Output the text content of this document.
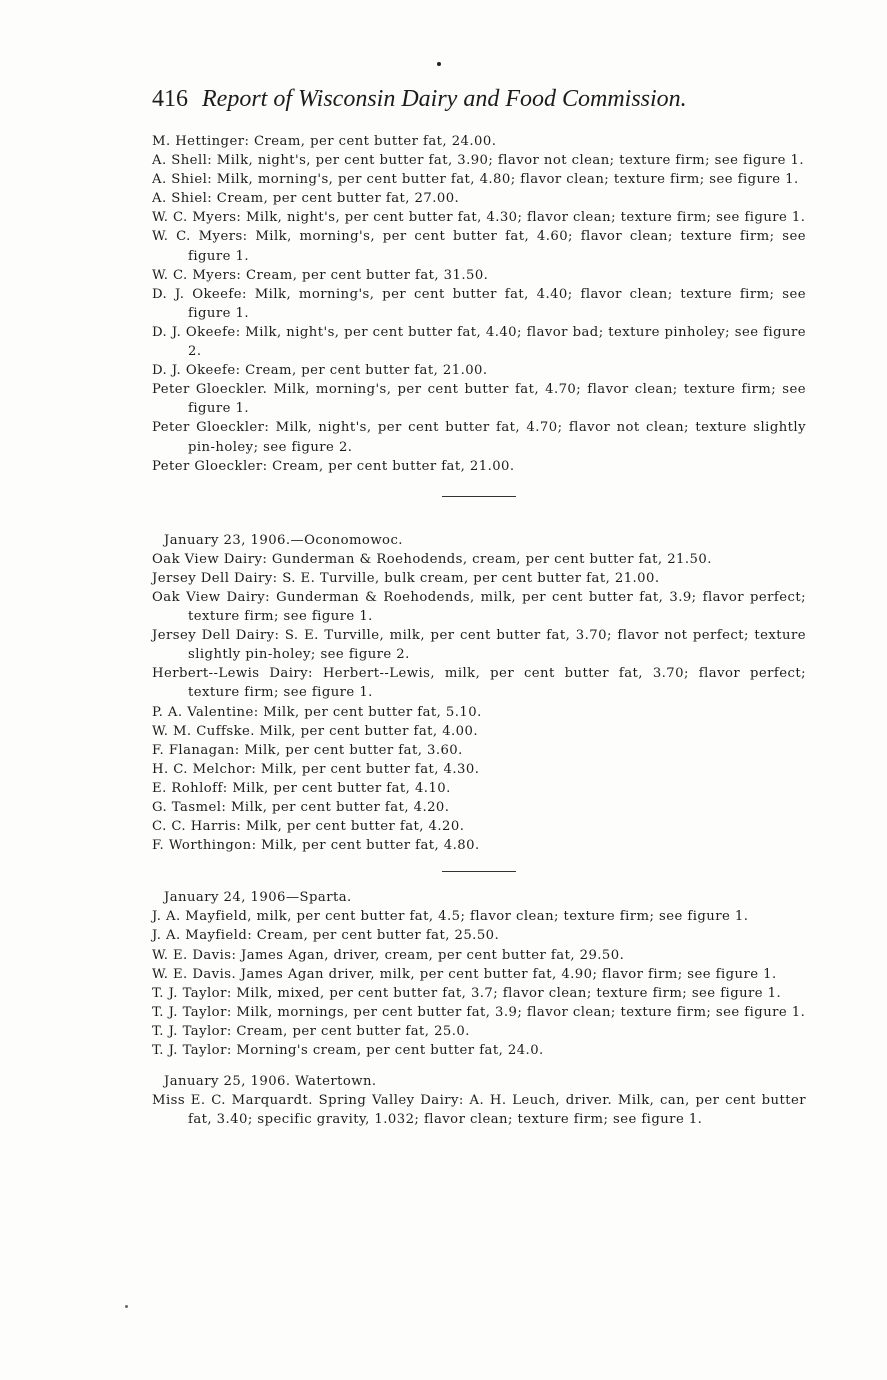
416 Report of Wisconsin Dairy and Food Commission.
M. Hettinger: Cream, per cent butter fat, 24.00.
A. Shell: Milk, night's, per cent butter fat, 3.90; flavor not clean; texture firm; see figure 1.
A. Shiel: Milk, morning's, per cent butter fat, 4.80; flavor clean; texture firm; see figure 1.
A. Shiel: Cream, per cent butter fat, 27.00.
W. C. Myers: Milk, night's, per cent butter fat, 4.30; flavor clean; texture firm; see figure 1.
W. C. Myers: Milk, morning's, per cent butter fat, 4.60; flavor clean; texture firm; see figure 1.
W. C. Myers: Cream, per cent butter fat, 31.50.
D. J. Okeefe: Milk, morning's, per cent butter fat, 4.40; flavor clean; texture firm; see figure 1.
D. J. Okeefe: Milk, night's, per cent butter fat, 4.40; flavor bad; texture pinholey; see figure 2.
D. J. Okeefe: Cream, per cent butter fat, 21.00.
Peter Gloeckler. Milk, morning's, per cent butter fat, 4.70; flavor clean; texture firm; see figure 1.
Peter Gloeckler: Milk, night's, per cent butter fat, 4.70; flavor not clean; texture slightly pin-holey; see figure 2.
Peter Gloeckler: Cream, per cent butter fat, 21.00.
January 23, 1906.—Oconomowoc.
Oak View Dairy: Gunderman & Roehodends, cream, per cent butter fat, 21.50.
Jersey Dell Dairy: S. E. Turville, bulk cream, per cent butter fat, 21.00.
Oak View Dairy: Gunderman & Roehodends, milk, per cent butter fat, 3.9; flavor perfect; texture firm; see figure 1.
Jersey Dell Dairy: S. E. Turville, milk, per cent butter fat, 3.70; flavor not perfect; texture slightly pin-holey; see figure 2.
Herbert--Lewis Dairy: Herbert--Lewis, milk, per cent butter fat, 3.70; flavor perfect; texture firm; see figure 1.
P. A. Valentine: Milk, per cent butter fat, 5.10.
W. M. Cuffske. Milk, per cent butter fat, 4.00.
F. Flanagan: Milk, per cent butter fat, 3.60.
H. C. Melchor: Milk, per cent butter fat, 4.30.
E. Rohloff: Milk, per cent butter fat, 4.10.
G. Tasmel: Milk, per cent butter fat, 4.20.
C. C. Harris: Milk, per cent butter fat, 4.20.
F. Worthingon: Milk, per cent butter fat, 4.80.
January 24, 1906—Sparta.
J. A. Mayfield, milk, per cent butter fat, 4.5; flavor clean; texture firm; see figure 1.
J. A. Mayfield: Cream, per cent butter fat, 25.50.
W. E. Davis: James Agan, driver, cream, per cent butter fat, 29.50.
W. E. Davis. James Agan driver, milk, per cent butter fat, 4.90; flavor firm; see figure 1.
T. J. Taylor: Milk, mixed, per cent butter fat, 3.7; flavor clean; texture firm; see figure 1.
T. J. Taylor: Milk, mornings, per cent butter fat, 3.9; flavor clean; texture firm; see figure 1.
T. J. Taylor: Cream, per cent butter fat, 25.0.
T. J. Taylor: Morning's cream, per cent butter fat, 24.0.
January 25, 1906. Watertown.
Miss E. C. Marquardt. Spring Valley Dairy: A. H. Leuch, driver. Milk, can, per cent butter fat, 3.40; specific gravity, 1.032; flavor clean; texture firm; see figure 1.
